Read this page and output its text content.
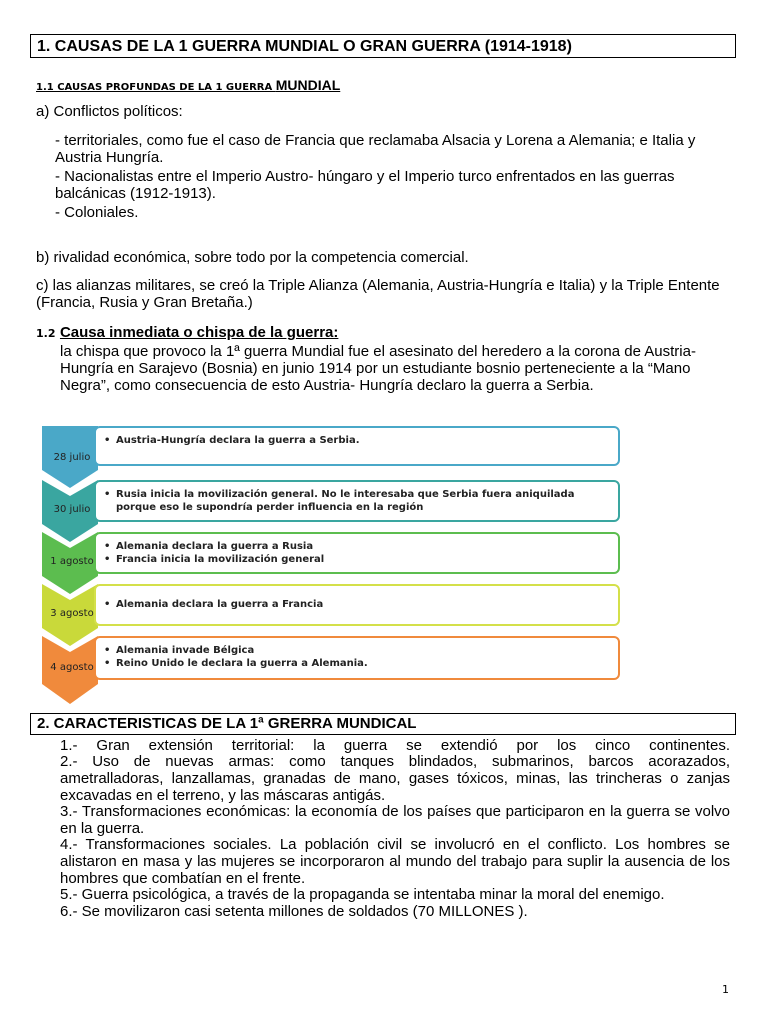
1. CAUSAS DE LA 1 GUERRA MUNDIAL O GRAN GUERRA (1914-1918)
1.1 CAUSAS PROFUNDAS DE LA 1 GUERRA MUNDIAL
a) Conflictos políticos:
- territoriales, como fue el caso de Francia que reclamaba Alsacia y Lorena a Alemania; e Italia y Austria Hungría.
- Nacionalistas entre el Imperio Austro- húngaro y el Imperio turco enfrentados en las guerras balcánicas (1912-1913).
- Coloniales.
b) rivalidad económica, sobre todo por la competencia comercial.
c) las alianzas militares, se creó la Triple Alianza (Alemania, Austria-Hungría e Italia) y la Triple Entente (Francia, Rusia y Gran Bretaña.)
1.2 Causa inmediata o chispa de la guerra:
la chispa que provoco la 1ª guerra Mundial fue el asesinato del heredero a la corona de Austria-Hungría en Sarajevo (Bosnia) en junio 1914 por un estudiante bosnio perteneciente a la “Mano Negra”, como consecuencia de esto Austria- Hungría declaro la guerra a Serbia.
28 julio
• Austria-Hungría declara la guerra a Serbia.
30 julio
• Rusia inicia la movilización general. No le interesaba que Serbia fuera aniquilada porque eso le supondría perder influencia en la región
1 agosto
• Alemania declara la guerra a Rusia
• Francia inicia la movilización general
3 agosto
• Alemania declara la guerra a Francia
4 agosto
• Alemania invade Bélgica
• Reino Unido le declara la guerra a Alemania.
2. CARACTERISTICAS DE LA 1ª GRERRA MUNDICAL
1.- Gran extensión territorial: la guerra se extendió por los cinco continentes.
2.- Uso de nuevas armas: como tanques blindados, submarinos, barcos acorazados, ametralladoras, lanzallamas, granadas de mano, gases tóxicos, minas, las trincheras o zanjas excavadas en el terreno, y las máscaras antigás.
3.- Transformaciones económicas: la economía de los países que participaron en la guerra se volvo en la guerra.
4.- Transformaciones sociales. La población civil se involucró en el conflicto. Los hombres se alistaron en masa y las mujeres se incorporaron al mundo del trabajo para suplir la ausencia de los hombres que combatían en el frente.
5.- Guerra psicológica, a través de la propaganda se intentaba minar la moral del enemigo.
6.- Se movilizaron casi setenta millones de soldados (70 MILLONES ).
1
